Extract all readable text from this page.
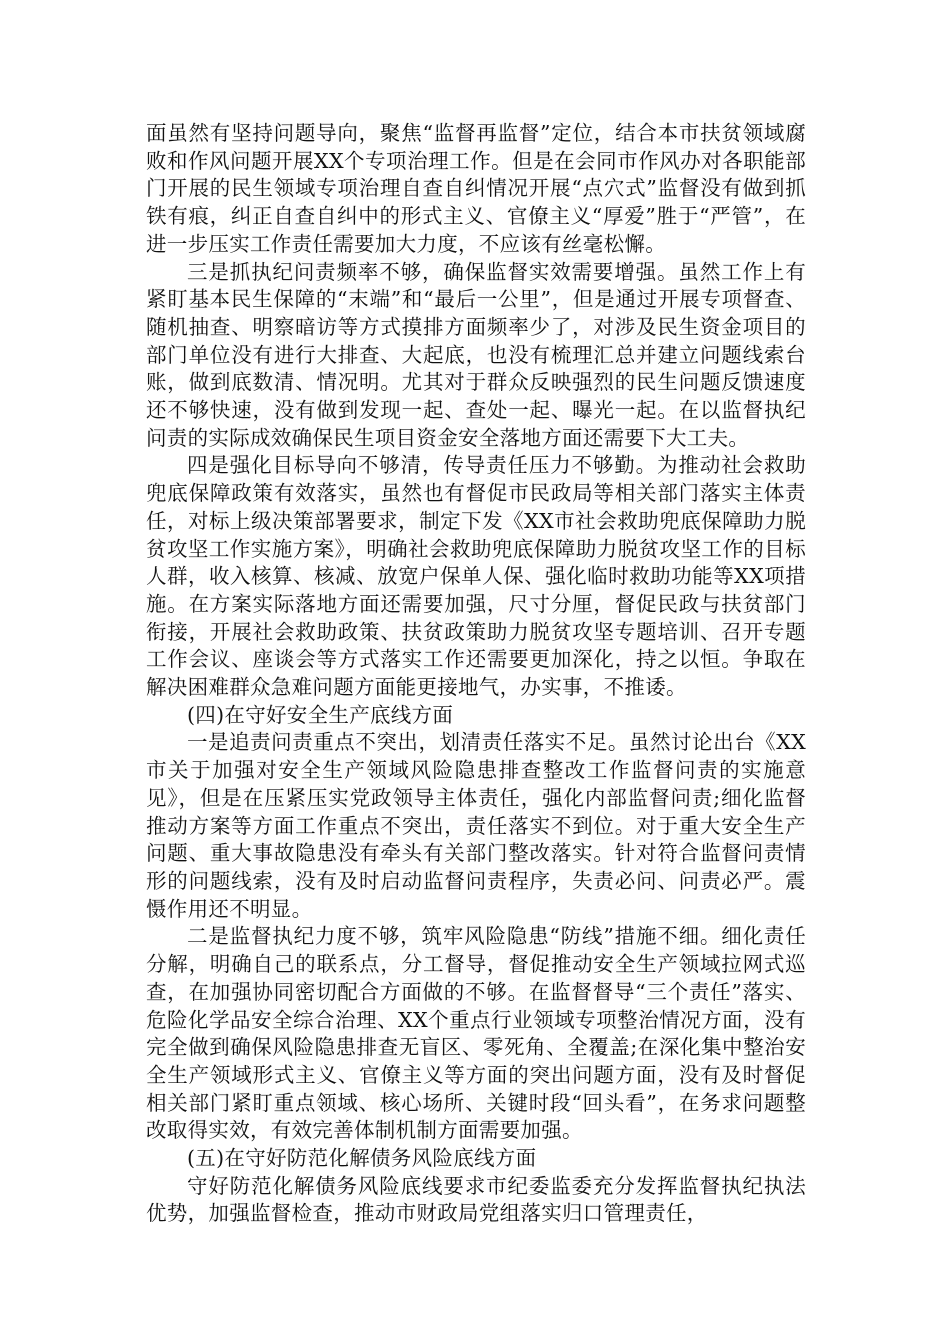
面虽然有坚持问题导向，聚焦“监督再监督”定位，结合本市扶贫领域腐败和作风问题开展XX个专项治理工作。但是在会同市作风办对各职能部门开展的民生领域专项治理自查自纠情况开展“点穴式”监督没有做到抓铁有痕，纠正自查自纠中的形式主义、官僚主义“厚爱”胜于“严管”，在进一步压实工作责任需要加大力度，不应该有丝毫松懈。

三是抓执纪问责频率不够，确保监督实效需要增强。虽然工作上有紧盯基本民生保障的“末端”和“最后一公里”，但是通过开展专项督查、随机抽查、明察暗访等方式摸排方面频率少了，对涉及民生资金项目的部门单位没有进行大排查、大起底，也没有梳理汇总并建立问题线索台账，做到底数清、情况明。尤其对于群众反映强烈的民生问题反馈速度还不够快速，没有做到发现一起、查处一起、曝光一起。在以监督执纪问责的实际成效确保民生项目资金安全落地方面还需要下大工夫。

四是强化目标导向不够清，传导责任压力不够勤。为推动社会救助兜底保障政策有效落实，虽然也有督促市民政局等相关部门落实主体责任，对标上级决策部署要求，制定下发《XX市社会救助兜底保障助力脱贫攻坚工作实施方案》，明确社会救助兜底保障助力脱贫攻坚工作的目标人群，收入核算、核减、放宽户保单人保、强化临时救助功能等XX项措施。在方案实际落地方面还需要加强，尺寸分厘，督促民政与扶贫部门衔接，开展社会救助政策、扶贫政策助力脱贫攻坚专题培训、召开专题工作会议、座谈会等方式落实工作还需要更加深化，持之以恒。争取在解决困难群众急难问题方面能更接地气，办实事，不推诿。

(四)在守好安全生产底线方面

一是追责问责重点不突出，划清责任落实不足。虽然讨论出台《XX市关于加强对安全生产领域风险隐患排查整改工作监督问责的实施意见》，但是在压紧压实党政领导主体责任，强化内部监督问责;细化监督推动方案等方面工作重点不突出，责任落实不到位。对于重大安全生产问题、重大事故隐患没有牵头有关部门整改落实。针对符合监督问责情形的问题线索，没有及时启动监督问责程序，失责必问、问责必严。震慑作用还不明显。

二是监督执纪力度不够，筑牢风险隐患“防线”措施不细。细化责任分解，明确自己的联系点，分工督导，督促推动安全生产领域拉网式巡查，在加强协同密切配合方面做的不够。在监督督导“三个责任”落实、危险化学品安全综合治理、XX个重点行业领域专项整治情况方面，没有完全做到确保风险隐患排查无盲区、零死角、全覆盖;在深化集中整治安全生产领域形式主义、官僚主义等方面的突出问题方面，没有及时督促相关部门紧盯重点领域、核心场所、关键时段“回头看”，在务求问题整改取得实效，有效完善体制机制方面需要加强。

(五)在守好防范化解债务风险底线方面

守好防范化解债务风险底线要求市纪委监委充分发挥监督执纪执法优势，加强监督检查，推动市财政局党组落实归口管理责任，
